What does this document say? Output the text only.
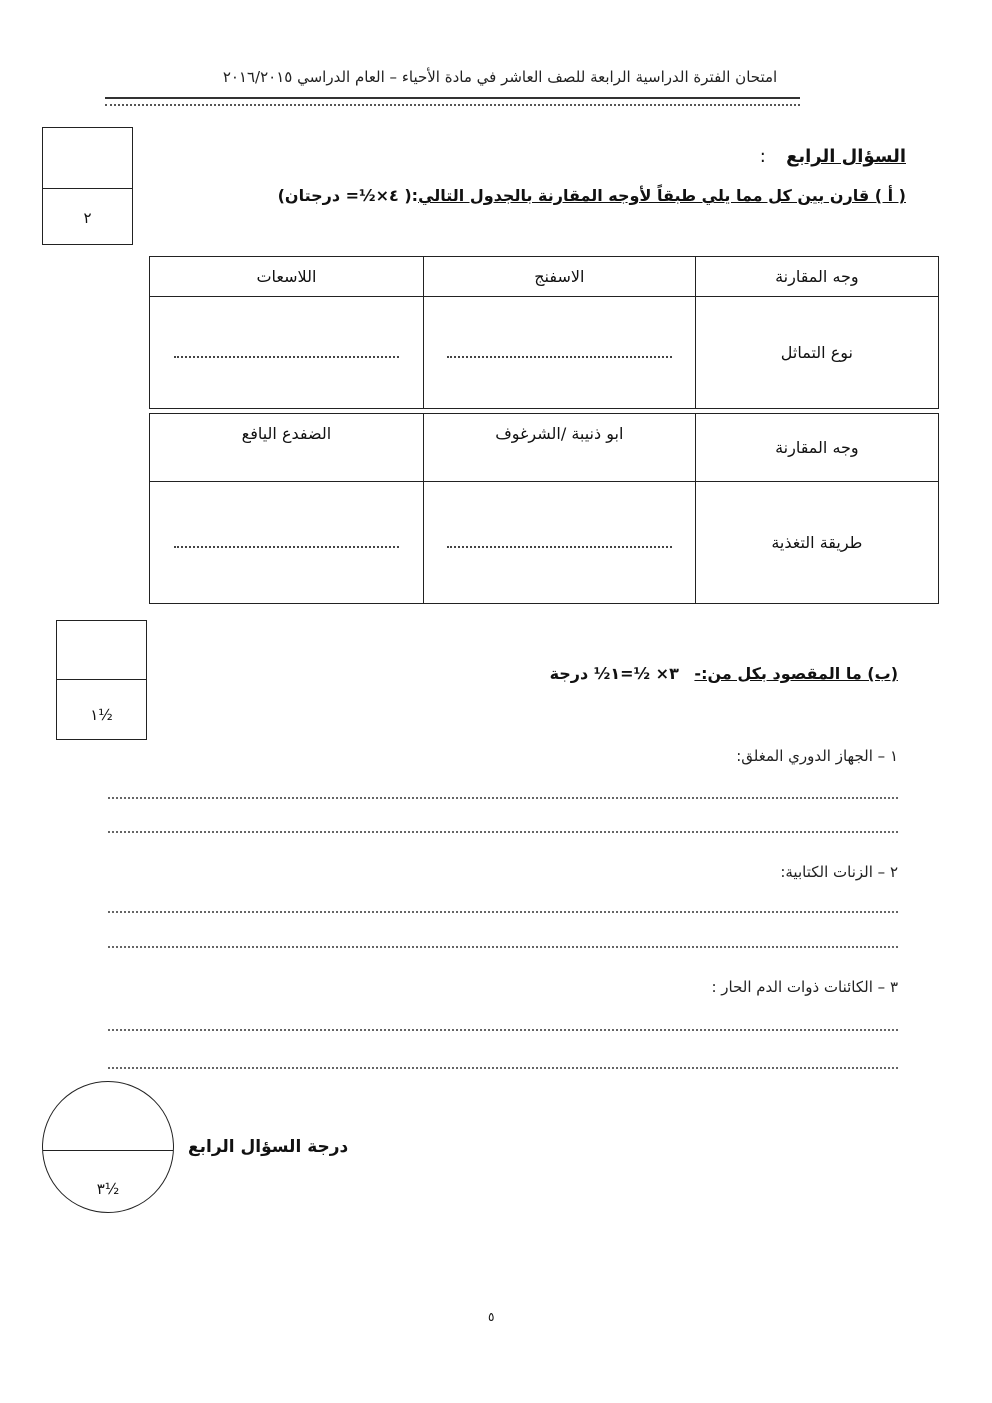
امتحان الفترة الدراسية الرابعة للصف العاشر في مادة الأحياء – العام الدراسي ٢٠١٦/٢٠١٥
٢
السؤال الرابع :
( أ ) قارن بين كل مما يلي طبقاً لأوجه المقارنة بالجدول التالي:( ٤×½= درجتان)
وجه المقارنة	الاسفنج	اللاسعات
نوع التماثل		
وجه المقارنة	ابو ذنيبة /الشرغوف	الضفدع اليافع
طريقة التغذية		
١½
(ب) ما المقصود بكل من:- ٣× ½=١½ درجة
١ – الجهاز الدوري المغلق:
٢ – الزنات الكتابية:
٣ – الكائنات ذوات الدم الحار :
٣½
درجة السؤال الرابع
٥
